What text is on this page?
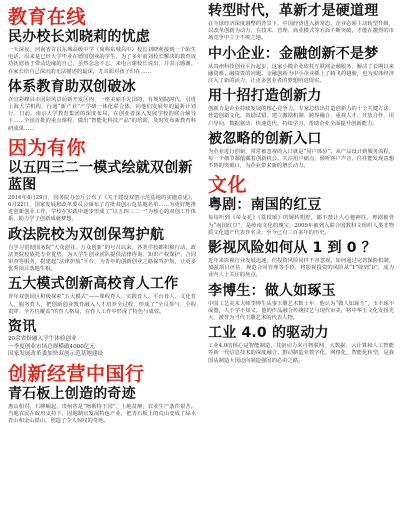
教育在线
民办校长刘晓莉的忧虑
一天深夜，河南省许昌东城高级中学（简称东城高中）校长刘晓莉接到一个陌生电话，原来是已经大学毕业在德国创业的学生，为了多年前刘校长解决的教育成功抚慰孩子带动边缘的自己，虽然念念不忘，来电言谢校长说出，并表示感谢。在家长给自己深沉的无法描述的最深，尤其面对孩子们在……
体系教育助双创破冰
在宜彩峰县市国际风景前新开发区内，一座美丽手先国的，有规划院时代，引进上海大学机构，行通“新产业”产学研一体化联合体，向他们发展年的最新计划行、日前，南京大学教育集团的深度布局，在创业者深入发展学校的联合辅导下……全国首批的重点课程，做出“智能化科技产品”的培训，及时发布新教育科研成果……
因为有你
以五四三二一模式绘就双创新蓝图
2016年4月29日，国务院办公厅公布了《关于建设双创示范基地的实施意见》，6月22日，国家发展和改革委员会颁布了首批双创示范基地名单……为更好地推进创新创业工作，学校在实践中逐步形成了“以五四三二一”为核心的双创工作体系，助力学子创新成就梦想。
政法院校为双创保驾护航
自学习贯彻国务院“大众创业、万众创新”的号召以来，各类学校都积极行动。政法类院校依托专业优势，为大学生创业团队提供法律咨询、知识产权保护、合同审查等服务，搭建起“法律护航”平台，为青年的创新创业之路保驾护航，让更多优秀项目落地生根。
五大模式创新高校育人工作
青年双创园区积极探索“五大模式”——课程育人、实践育人、平台育人、文化育人、服务育人，把创新创业教育融入人才培养全过程，形成了“全员参与、全程贯穿、全方位覆盖”的育人格局，在育人工作中形成了特色与成效。
资讯
20余省份融入学生体验创业
一季度创业市场总规模破4000亿元
国家发展改革委加快双创示范基地建设
创新经营中国行
青石板上创造的奇迹
惠山相对，石峰崛起，贵州省是“喀斯特王国”，土地贫瘠，农业生产条件艰苦。当地农民在政府支持下，因地制宜发展特色产业，把青石板上的荒山变成了绿水青山和金山银山，创造了令人惊叹的奇迹。
转型时代，革新才是硬道理
在全球经济深度调整的背景下，中国经济进入新常态。企业必须主动转型升级，以改革创新为动力，在技术、管理、商业模式等方面不断突破，才能在激烈的市场竞争中立于不败之地。
中小企业：金融创新不是梦
从贵州科技创业平台起步，这家小微企业依托互联网金融服务，解决了长期以来融资难、融资贵的问题。金融创新为中小企业插上了腾飞的翅膀，也为实体经济注入了新的活力，让更多创业者的梦想照进现实。
用十招打造创新力
创新力是企业持续发展的核心竞争力。专家总结出打造创新力的十个关键方法：营造创新文化、鼓励试错、建立激励机制、跨界融合、重视人才、开放合作、用户导向、数据驱动、快速迭代、持续学习，帮助企业全面提升创新能力。
被忽略的创新入口
为企业进行创新，常常被忽视的入口就是“用户体验”。从产品设计到服务流程，每一个细节都蕴藏着创新机会。关注用户痛点，倾听客户声音，往往能发现意想不到的突破口，为企业带来新的增长动力。
文化
粤剧：南国的红豆
每每听到《帝女花》《荔枝颂》的婉转唱腔，都不禁让人心驰神往。粤剧被誉为“南国红豆”，是岭南文化的瑰宝，2009年被列入联合国教科文组织人类非物质文化遗产代表作名录，至今已有三百多年的历史。
影视风险如何从 1 到 0 ？
近年来影视行业发展迅速，但投资风险同样不容忽视。如何通过完善保险机制、加强项目评估、规范合同管理等手段，将影视投资的风险从“1”降到“0”，成为业内人士关注的焦点。
李博生：做人如琢玉
中国工艺美术大师李博生从事玉雕艺术数十年，他认为“做人如琢玉”，玉不琢不成器，人不学不知义。他的作品融合传统技艺与现代审美，将中华玉文化发扬光大，被誉为当代玉雕艺术的代表人物。
工业 4.0 的驱动力
工业4.0的核心是智能制造，其驱动力来自物联网、大数据、云计算和人工智能等新一代信息技术的深度融合。推动制造业数字化、网络化、智能化转型，是我国从制造大国迈向制造强国的必由之路。
